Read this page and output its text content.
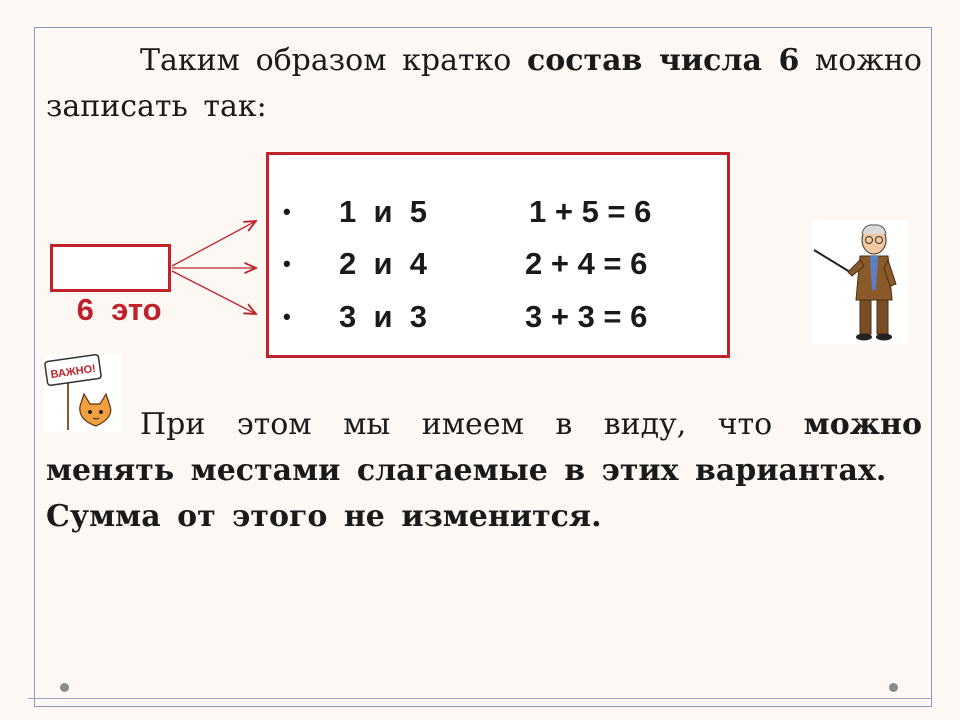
Таким образом кратко состав числа 6 можно записать так:

6  это

• 1  и  5	1 + 5 = 6
• 2  и  4	2 + 4 = 6
• 3  и  3	3 + 3 = 6
ВАЖНО!
При этом мы имеем в виду, что можно менять местами слагаемые в этих вариантах.
Сумма от этого не изменится.
